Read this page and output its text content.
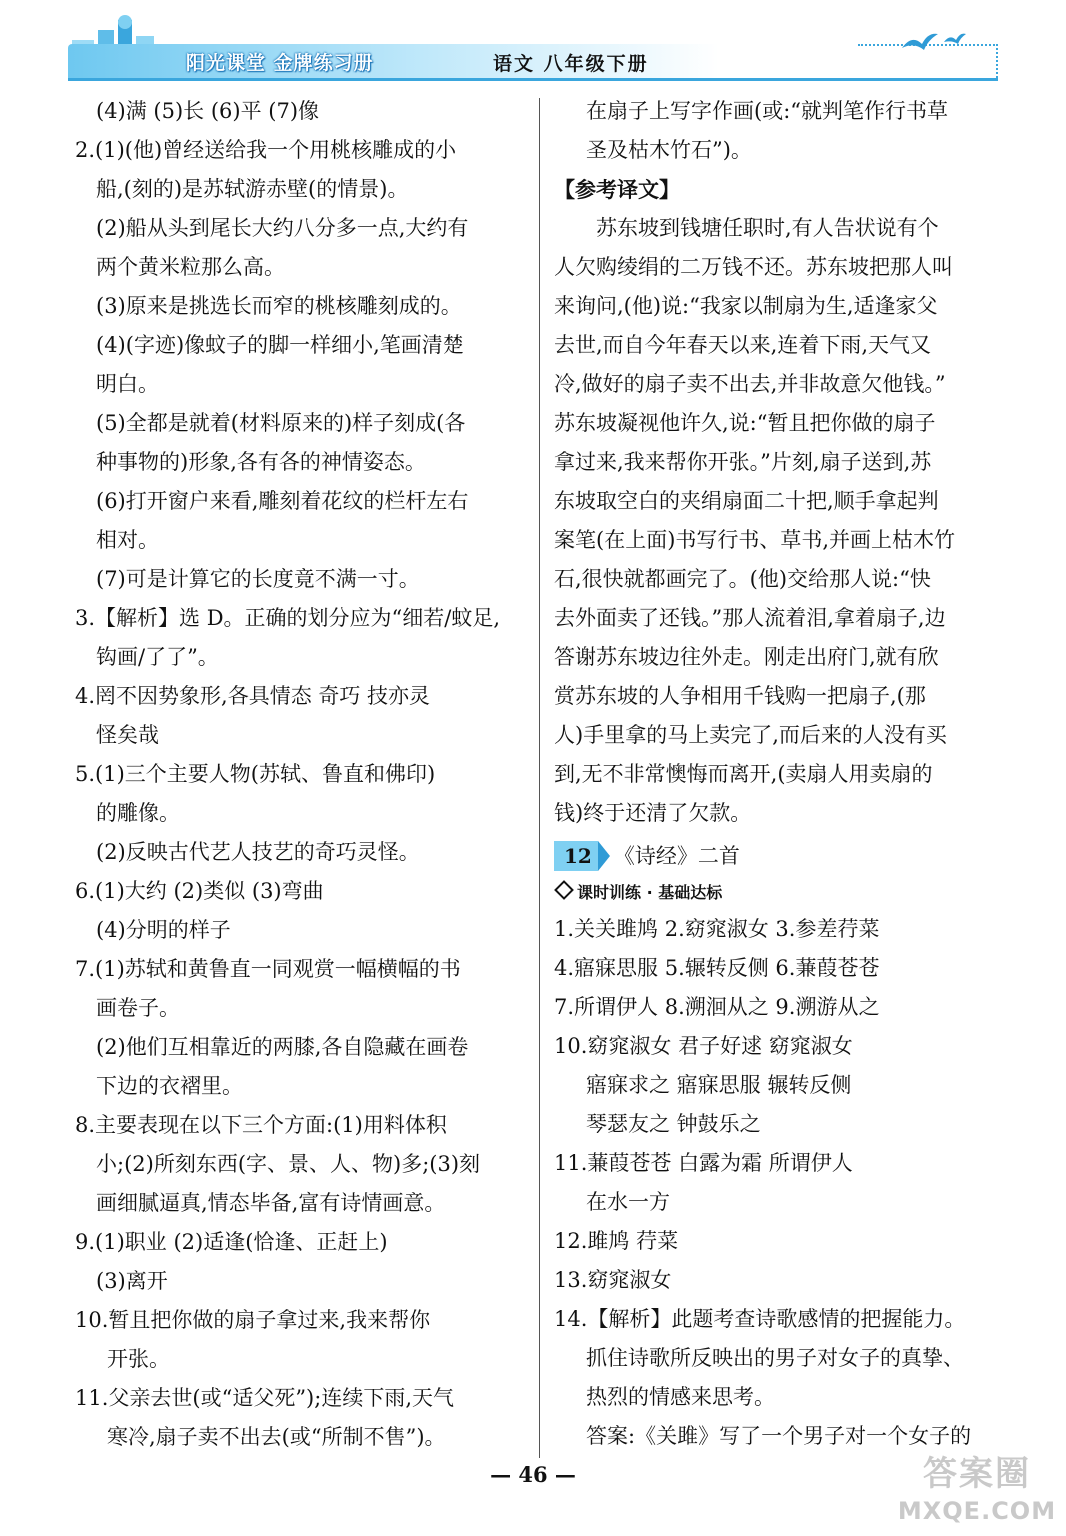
阳光课堂 金牌练习册	语文 八年级下册
(4)满 (5)长 (6)平 (7)像
2.(1)(他)曾经送给我一个用桃核雕成的小
船,(刻的)是苏轼游赤壁(的情景)。
(2)船从头到尾长大约八分多一点,大约有
两个黄米粒那么高。
(3)原来是挑选长而窄的桃核雕刻成的。
(4)(字迹)像蚊子的脚一样细小,笔画清楚
明白。
(5)全都是就着(材料原来的)样子刻成(各
种事物的)形象,各有各的神情姿态。
(6)打开窗户来看,雕刻着花纹的栏杆左右
相对。
(7)可是计算它的长度竟不满一寸。
3.【解析】选 D。正确的划分应为“细若/蚊足,
钩画/了了”。
4.罔不因势象形,各具情态 奇巧 技亦灵
怪矣哉
5.(1)三个主要人物(苏轼、鲁直和佛印)
的雕像。
(2)反映古代艺人技艺的奇巧灵怪。
6.(1)大约 (2)类似 (3)弯曲
(4)分明的样子
7.(1)苏轼和黄鲁直一同观赏一幅横幅的书
画卷子。
(2)他们互相靠近的两膝,各自隐藏在画卷
下边的衣褶里。
8.主要表现在以下三个方面:(1)用料体积
小;(2)所刻东西(字、景、人、物)多;(3)刻
画细腻逼真,情态毕备,富有诗情画意。
9.(1)职业 (2)适逢(恰逢、正赶上)
(3)离开
10.暂且把你做的扇子拿过来,我来帮你
开张。
11.父亲去世(或“适父死”);连续下雨,天气
寒冷,扇子卖不出去(或“所制不售”)。
在扇子上写字作画(或:“就判笔作行书草
圣及枯木竹石”)。
【参考译文】
苏东坡到钱塘任职时,有人告状说有个
人欠购绫绢的二万钱不还。苏东坡把那人叫
来询问,(他)说:“我家以制扇为生,适逢家父
去世,而自今年春天以来,连着下雨,天气又
冷,做好的扇子卖不出去,并非故意欠他钱。”
苏东坡凝视他许久,说:“暂且把你做的扇子
拿过来,我来帮你开张。”片刻,扇子送到,苏
东坡取空白的夹绢扇面二十把,顺手拿起判
案笔(在上面)书写行书、草书,并画上枯木竹
石,很快就都画完了。(他)交给那人说:“快
去外面卖了还钱。”那人流着泪,拿着扇子,边
答谢苏东坡边往外走。刚走出府门,就有欣
赏苏东坡的人争相用千钱购一把扇子,(那
人)手里拿的马上卖完了,而后来的人没有买
到,无不非常懊悔而离开,(卖扇人用卖扇的
钱)终于还清了欠款。
12 《诗经》二首
课时训练 · 基础达标
1.关关雎鸠 2.窈窕淑女 3.参差荇菜
4.寤寐思服 5.辗转反侧 6.蒹葭苍苍
7.所谓伊人 8.溯洄从之 9.溯游从之
10.窈窕淑女 君子好逑 窈窕淑女
寤寐求之 寤寐思服 辗转反侧
琴瑟友之 钟鼓乐之
11.蒹葭苍苍 白露为霜 所谓伊人
在水一方
12.雎鸠 荇菜
13.窈窕淑女
14.【解析】此题考查诗歌感情的把握能力。
抓住诗歌所反映出的男子对女子的真挚、
热烈的情感来思考。
答案:《关雎》写了一个男子对一个女子的
— 46 —	答案圈
MXQE.COM
